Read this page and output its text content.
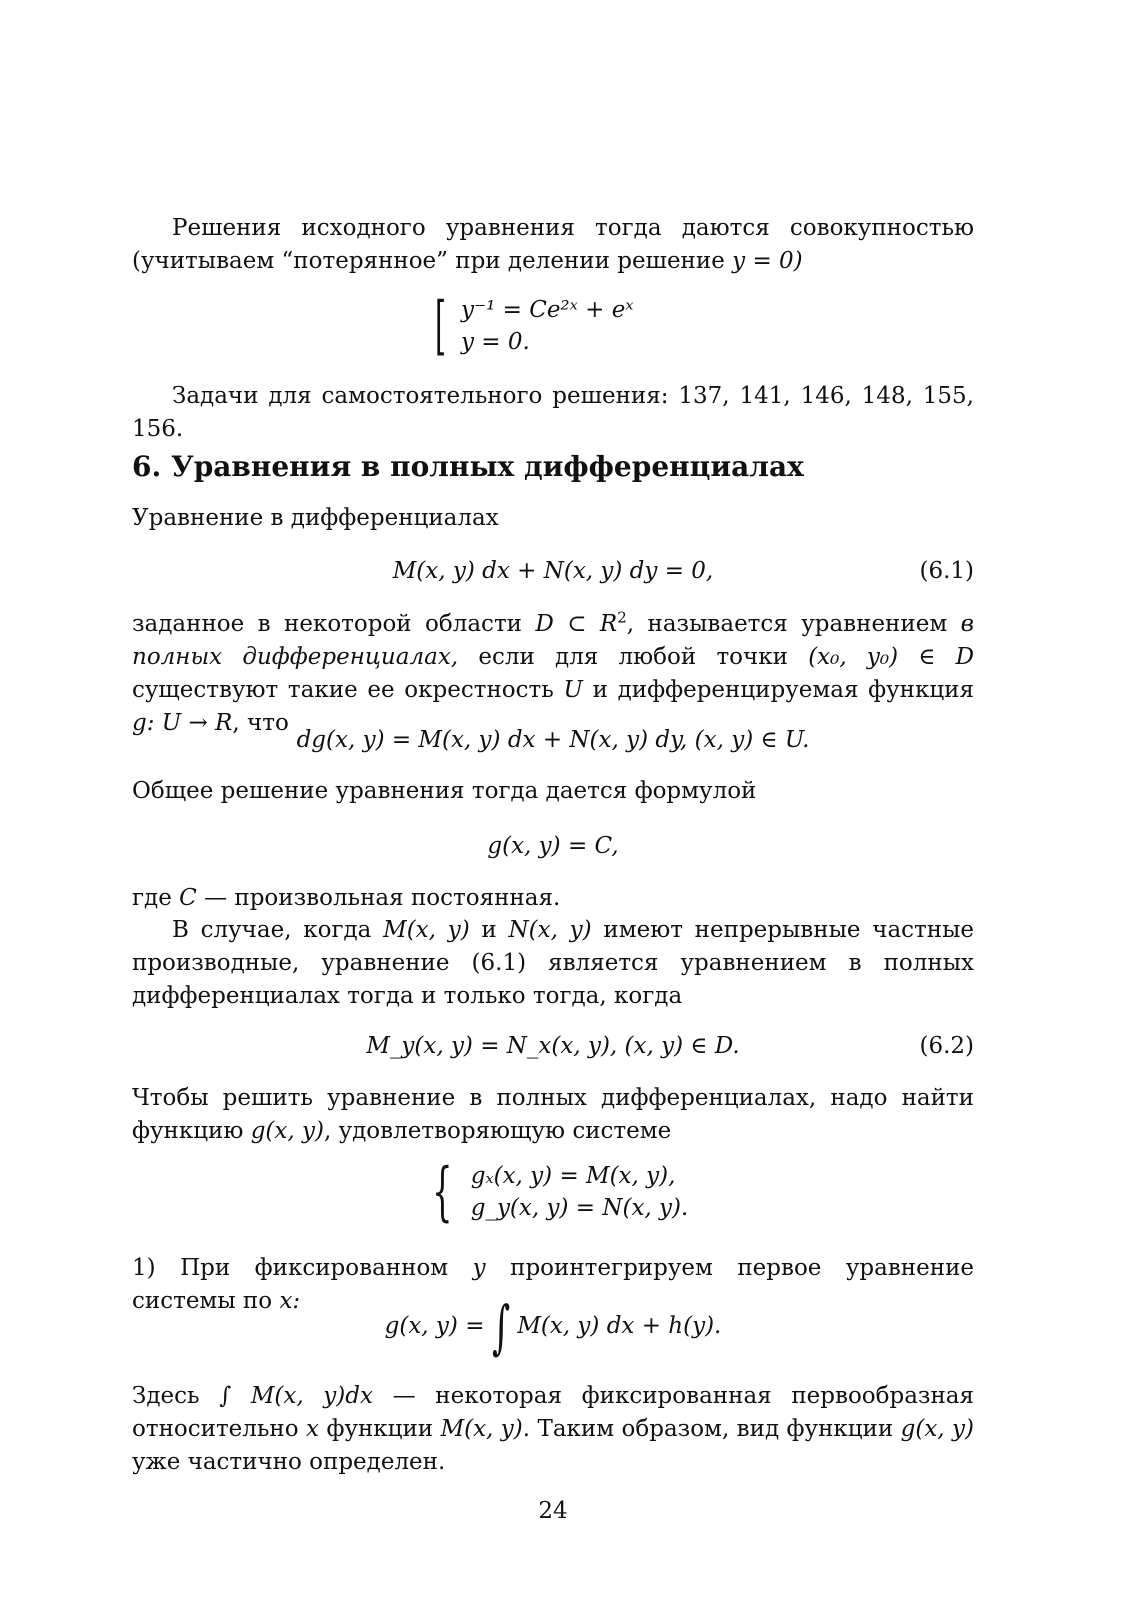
Решения исходного уравнения тогда даются совокупностью (учитываем “потерянное” при делении решение y = 0)

[ y⁻¹ = Ce²ˣ + eˣ
y = 0.

Задачи для самостоятельного решения: 137, 141, 146, 148, 155, 156.

6. Уравнения в полных дифференциалах

Уравнение в дифференциалах

M(x, y) dx + N(x, y) dy = 0,	(6.1)

заданное в некоторой области D ⊂ $R^2$, называется уравнением в полных дифференциалах, если для любой точки (x₀, y₀) ∈ D существуют такие ее окрестность U и дифференцируемая функция g: U → R, что

dg(x, y) = M(x, y) dx + N(x, y) dy, (x, y) ∈ U.

Общее решение уравнения тогда дается формулой

g(x, y) = C,

где C — произвольная постоянная.

В случае, когда M(x, y) и N(x, y) имеют непрерывные частные производные, уравнение (6.1) является уравнением в полных дифференциалах тогда и только тогда, когда

M_y(x, y) = N_x(x, y), (x, y) ∈ D.	(6.2)

Чтобы решить уравнение в полных дифференциалах, надо найти функцию g(x, y), удовлетворяющую системе

{ gₓ(x, y) = M(x, y),
g_y(x, y) = N(x, y).

1) При фиксированном y проинтегрируем первое уравнение системы по x:

g(x, y) = ∫ M(x, y) dx + h(y).

Здесь ∫ M(x, y)dx — некоторая фиксированная первообразная относительно x функции M(x, y). Таким образом, вид функции g(x, y) уже частично определен.

24
